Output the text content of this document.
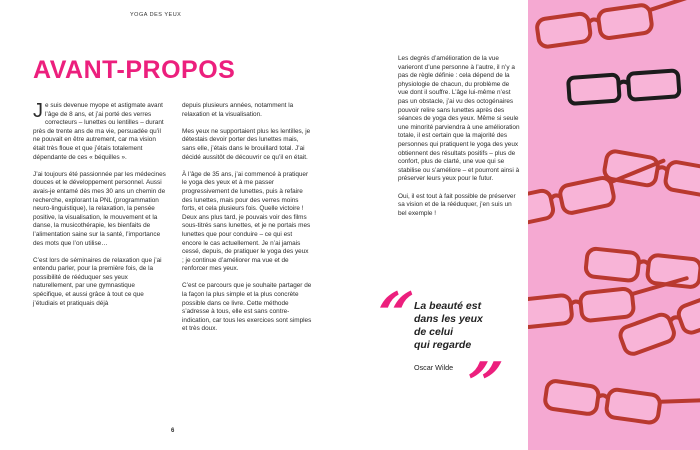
YOGA DES YEUX
AVANT-PROPOS

Je suis devenue myope et astigmate avant l’âge de 8 ans, et j’ai porté des verres correcteurs – lunettes ou lentilles – durant près de trente ans de ma vie, persuadée qu’il ne pouvait en être autrement, car ma vision était très floue et que j’étais totalement dépendante de ces « béquilles ».

J’ai toujours été passionnée par les médecines douces et le développement personnel. Aussi avais-je entamé dès mes 30 ans un chemin de recherche, explorant la PNL (programmation neuro-linguistique), la relaxation, la pensée positive, la visualisation, le mouvement et la danse, la musicothérapie, les bienfaits de l’alimentation saine sur la santé, l’importance des mots que l’on utilise…

C’est lors de séminaires de relaxation que j’ai entendu parler, pour la première fois, de la possibilité de rééduquer ses yeux naturellement, par une gymnastique spécifique, et aussi grâce à tout ce que j’étudiais et pratiquais déjà

depuis plusieurs années, notamment la relaxation et la visualisation.

Mes yeux ne supportaient plus les lentilles, je détestais devoir porter des lunettes mais, sans elle, j’étais dans le brouillard total. J’ai décidé aussitôt de découvrir ce qu’il en était.

À l’âge de 35 ans, j’ai commencé à pratiquer le yoga des yeux et à me passer progressivement de lunettes, puis à refaire des lunettes, mais pour des verres moins forts, et cela plusieurs fois. Quelle victoire ! Deux ans plus tard, je pouvais voir des films sous-titrés sans lunettes, et je ne portais mes lunettes que pour conduire – ce qui est encore le cas actuellement. Je n’ai jamais cessé, depuis, de pratiquer le yoga des yeux ; je continue d’améliorer ma vue et de renforcer mes yeux.

C’est ce parcours que je souhaite partager de la façon la plus simple et la plus concrète possible dans ce livre. Cette méthode s’adresse à tous, elle est sans contre-indication, car tous les exercices sont simples et très doux.

Les degrés d’amélioration de la vue varieront d’une personne à l’autre, il n’y a pas de règle définie : cela dépend de la physiologie de chacun, du problème de vue dont il souffre. L’âge lui-même n’est pas un obstacle, j’ai vu des octogénaires pouvoir relire sans lunettes après des séances de yoga des yeux. Même si seule une minorité parviendra à une amélioration totale, il est certain que la majorité des personnes qui pratiquent le yoga des yeux obtiennent des résultats positifs – plus de confort, plus de clarté, une vue qui se stabilise ou s’améliore – et pourront ainsi à préserver leurs yeux pour le futur.

Oui, il est tout à fait possible de préserver sa vision et de la rééduquer, j’en suis un bel exemple !

“
La beauté est
dans les yeux
de celui
qui regarde
Oscar Wilde ”
6
